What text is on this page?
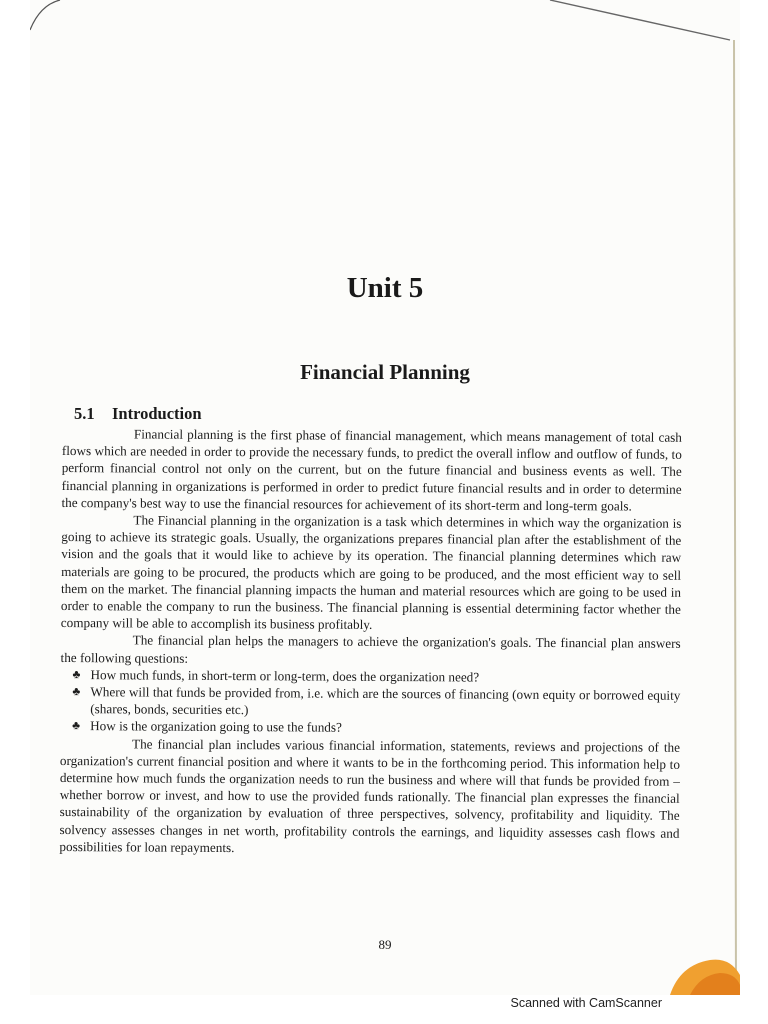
Unit 5
Financial Planning
5.1 Introduction

Financial planning is the first phase of financial management, which means management of total cash flows which are needed in order to provide the necessary funds, to predict the overall inflow and outflow of funds, to perform financial control not only on the current, but on the future financial and business events as well. The financial planning in organizations is performed in order to predict future financial results and in order to determine the company's best way to use the financial resources for achievement of its short-term and long-term goals.

The Financial planning in the organization is a task which determines in which way the organization is going to achieve its strategic goals. Usually, the organizations prepares financial plan after the establishment of the vision and the goals that it would like to achieve by its operation. The financial planning determines which raw materials are going to be procured, the products which are going to be produced, and the most efficient way to sell them on the market. The financial planning impacts the human and material resources which are going to be used in order to enable the company to run the business. The financial planning is essential determining factor whether the company will be able to accomplish its business profitably.

The financial plan helps the managers to achieve the organization's goals. The financial plan answers the following questions:

♣ How much funds, in short-term or long-term, does the organization need?
♣ Where will that funds be provided from, i.e. which are the sources of financing (own equity or borrowed equity (shares, bonds, securities etc.)
♣ How is the organization going to use the funds?

The financial plan includes various financial information, statements, reviews and projections of the organization's current financial position and where it wants to be in the forthcoming period. This information help to determine how much funds the organization needs to run the business and where will that funds be provided from – whether borrow or invest, and how to use the provided funds rationally. The financial plan expresses the financial sustainability of the organization by evaluation of three perspectives, solvency, profitability and liquidity. The solvency assesses changes in net worth, profitability controls the earnings, and liquidity assesses cash flows and possibilities for loan repayments.

89
Scanned with CamScanner
